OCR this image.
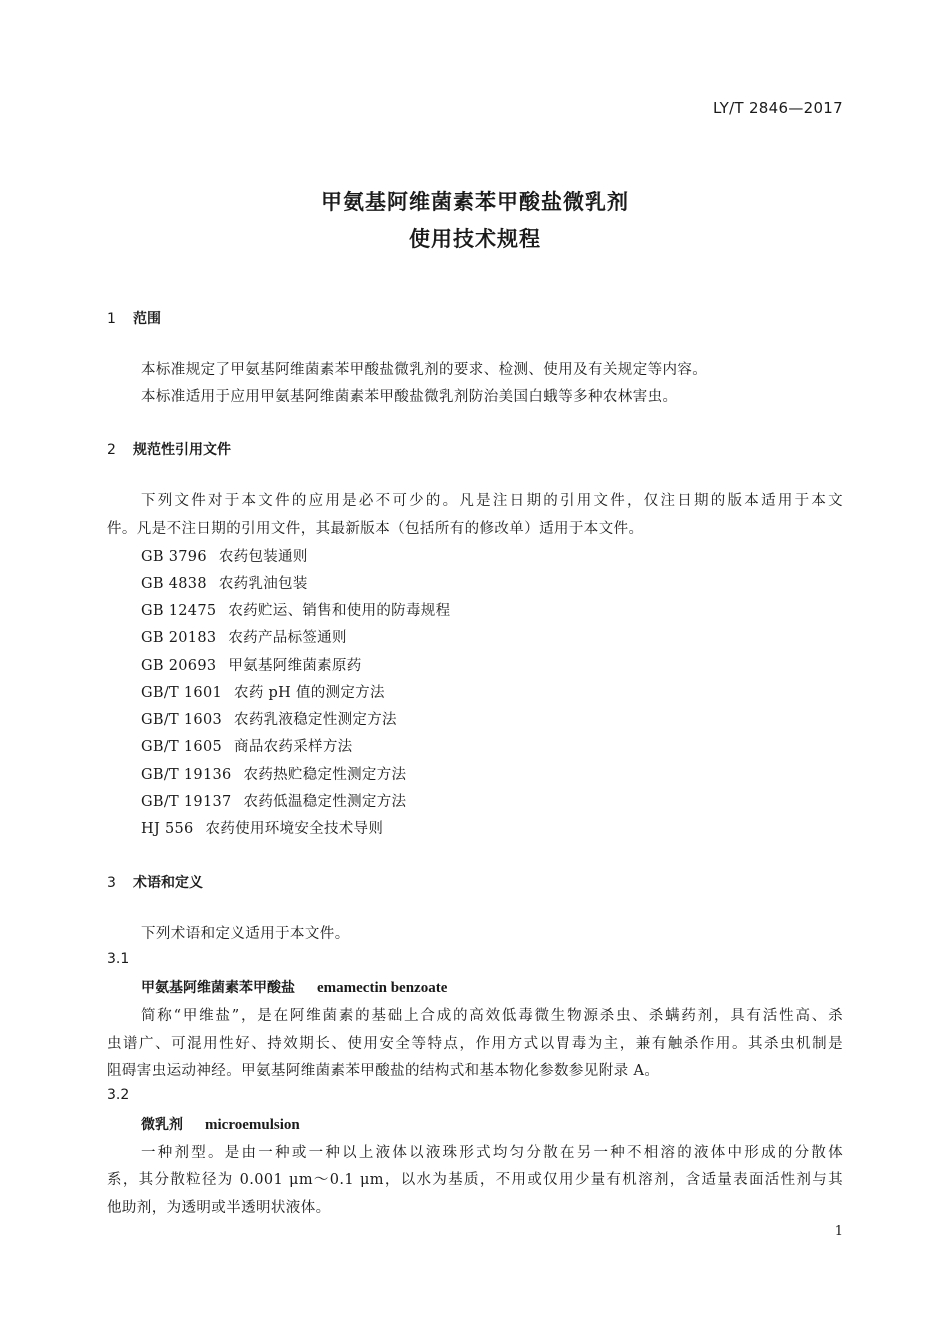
LY/T 2846—2017
甲氨基阿维菌素苯甲酸盐微乳剂
使用技术规程
1 范围
本标准规定了甲氨基阿维菌素苯甲酸盐微乳剂的要求、检测、使用及有关规定等内容。
本标准适用于应用甲氨基阿维菌素苯甲酸盐微乳剂防治美国白蛾等多种农林害虫。
2 规范性引用文件
下列文件对于本文件的应用是必不可少的。凡是注日期的引用文件，仅注日期的版本适用于本文
件。凡是不注日期的引用文件，其最新版本（包括所有的修改单）适用于本文件。
GB 3796 农药包装通则
GB 4838 农药乳油包装
GB 12475 农药贮运、销售和使用的防毒规程
GB 20183 农药产品标签通则
GB 20693 甲氨基阿维菌素原药
GB/T 1601 农药 pH 值的测定方法
GB/T 1603 农药乳液稳定性测定方法
GB/T 1605 商品农药采样方法
GB/T 19136 农药热贮稳定性测定方法
GB/T 19137 农药低温稳定性测定方法
HJ 556 农药使用环境安全技术导则
3 术语和定义
下列术语和定义适用于本文件。
3.1
甲氨基阿维菌素苯甲酸盐 emamectin benzoate
简称“甲维盐”，是在阿维菌素的基础上合成的高效低毒微生物源杀虫、杀螨药剂，具有活性高、杀
虫谱广、可混用性好、持效期长、使用安全等特点，作用方式以胃毒为主，兼有触杀作用。其杀虫机制是
阻碍害虫运动神经。甲氨基阿维菌素苯甲酸盐的结构式和基本物化参数参见附录 A。
3.2
微乳剂 microemulsion
一种剂型。是由一种或一种以上液体以液珠形式均匀分散在另一种不相溶的液体中形成的分散体
系，其分散粒径为 0.001 μm～0.1 μm，以水为基质，不用或仅用少量有机溶剂，含适量表面活性剂与其
他助剂，为透明或半透明状液体。
1
